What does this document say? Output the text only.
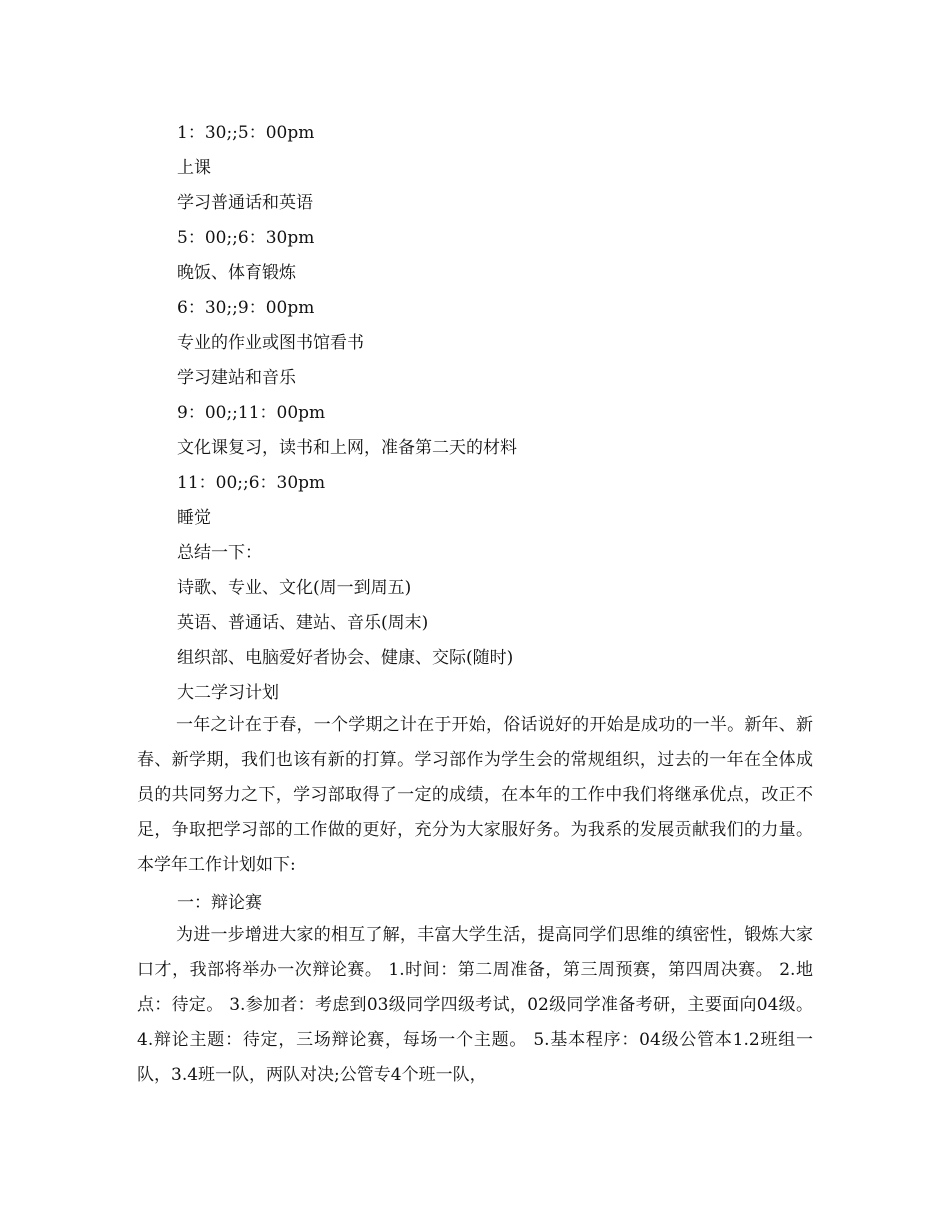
1：30;;5：00pm
上课
学习普通话和英语
5：00;;6：30pm
晚饭、体育锻炼
6：30;;9：00pm
专业的作业或图书馆看书
学习建站和音乐
9：00;;11：00pm
文化课复习，读书和上网，准备第二天的材料
11：00;;6：30pm
睡觉
总结一下：
诗歌、专业、文化(周一到周五)
英语、普通话、建站、音乐(周末)
组织部、电脑爱好者协会、健康、交际(随时)
大二学习计划

一年之计在于春，一个学期之计在于开始，俗话说好的开始是成功的一半。新年、新春、新学期，我们也该有新的打算。学习部作为学生会的常规组织，过去的一年在全体成员的共同努力之下，学习部取得了一定的成绩，在本年的工作中我们将继承优点，改正不足，争取把学习部的工作做的更好，充分为大家服好务。为我系的发展贡献我们的力量。本学年工作计划如下:

一：辩论赛

为进一步增进大家的相互了解，丰富大学生活，提高同学们思维的缜密性，锻炼大家口才，我部将举办一次辩论赛。 1.时间：第二周准备，第三周预赛，第四周决赛。 2.地点：待定。 3.参加者：考虑到03级同学四级考试，02级同学准备考研，主要面向04级。 4.辩论主题：待定，三场辩论赛，每场一个主题。 5.基本程序：04级公管本1.2班组一队，3.4班一队，两队对决;公管专4个班一队，
